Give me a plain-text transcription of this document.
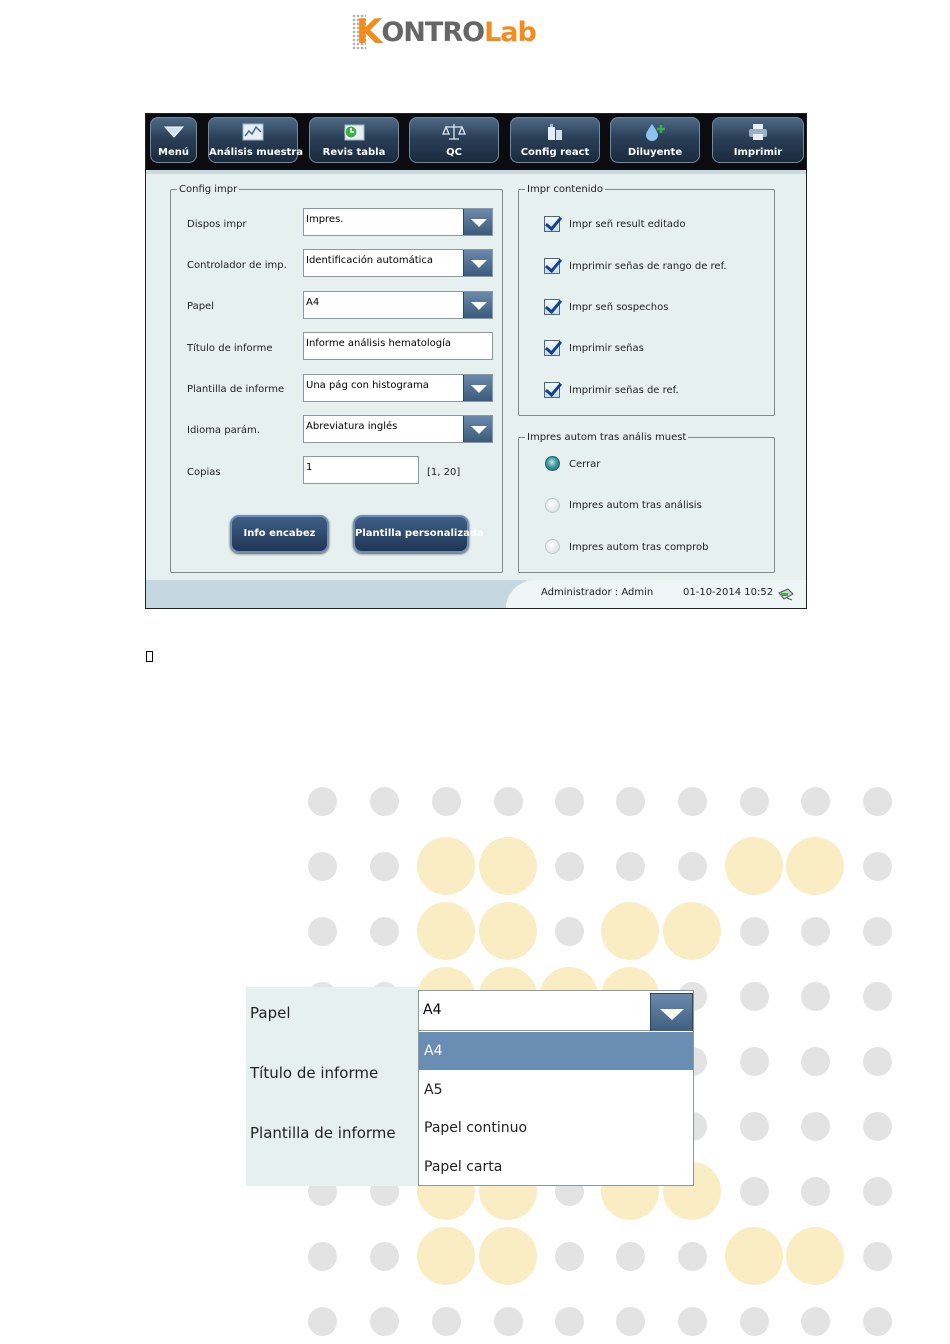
K ONTRO Lab
Menú	Análisis muestra	Revis tabla	QC	Config react	Diluyente	Imprimir
Config impr
Dispos impr	Impres.
Controlador de imp.	Identificación automática
Papel	A4
Título de informe	Informe análisis hematología
Plantilla de informe	Una pág con histograma
Idioma parám.	Abreviatura inglés
Copias	1	[1, 20]
Info encabez	Plantilla personalizada
Impr contenido
Impr señ result editado
Imprimir señas de rango de ref.
Impr señ sospechos
Imprimir señas
Imprimir señas de ref.
Impres autom tras anális muest
Cerrar
Impres autom tras análisis
Impres autom tras comprob
Administrador : Admin	01-10-2014 10:52
Papel
Título de informe
Plantilla de informe
A4
A4
A5
Papel continuo
Papel carta
